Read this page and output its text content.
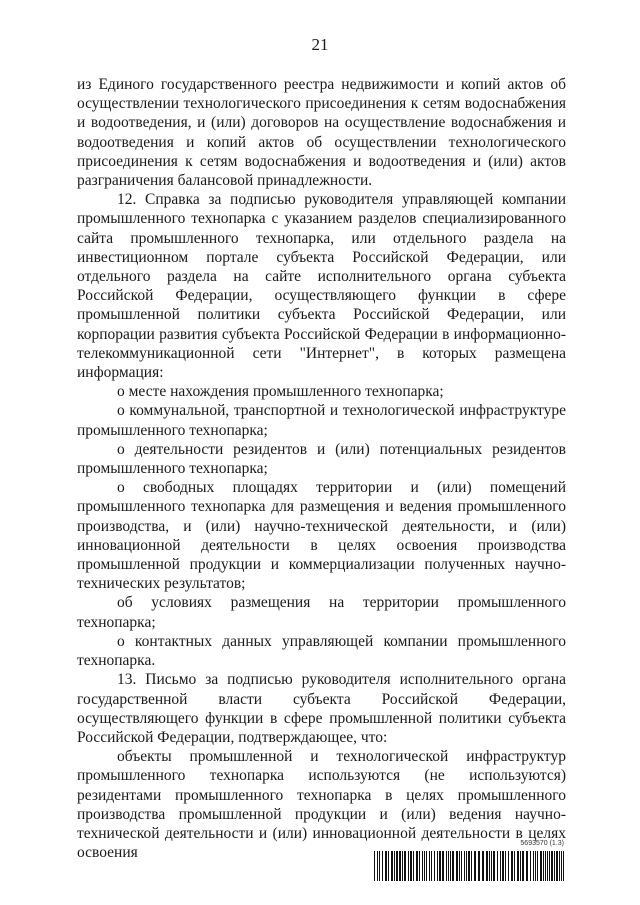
21

из Единого государственного реестра недвижимости и копий актов об осуществлении технологического присоединения к сетям водоснабжения и водоотведения, и (или) договоров на осуществление водоснабжения и водоотведения и копий актов об осуществлении технологического присоединения к сетям водоснабжения и водоотведения и (или) актов разграничения балансовой принадлежности.

12. Справка за подписью руководителя управляющей компании промышленного технопарка с указанием разделов специализированного сайта промышленного технопарка, или отдельного раздела на инвестиционном портале субъекта Российской Федерации, или отдельного раздела на сайте исполнительного органа субъекта Российской Федерации, осуществляющего функции в сфере промышленной политики субъекта Российской Федерации, или корпорации развития субъекта Российской Федерации в информационно-телекоммуникационной сети "Интернет", в которых размещена информация:

о месте нахождения промышленного технопарка;

о коммунальной, транспортной и технологической инфраструктуре промышленного технопарка;

о деятельности резидентов и (или) потенциальных резидентов промышленного технопарка;

о свободных площадях территории и (или) помещений промышленного технопарка для размещения и ведения промышленного производства, и (или) научно-технической деятельности, и (или) инновационной деятельности в целях освоения производства промышленной продукции и коммерциализации полученных научно-технических результатов;

об условиях размещения на территории промышленного технопарка;

о контактных данных управляющей компании промышленного технопарка.

13. Письмо за подписью руководителя исполнительного органа государственной власти субъекта Российской Федерации, осуществляющего функции в сфере промышленной политики субъекта Российской Федерации, подтверждающее, что:

объекты промышленной и технологической инфраструктур промышленного технопарка используются (не используются) резидентами промышленного технопарка в целях промышленного производства промышленной продукции и (или) ведения научно-технической деятельности и (или) инновационной деятельности в целях освоения

5693570 (1.3)
